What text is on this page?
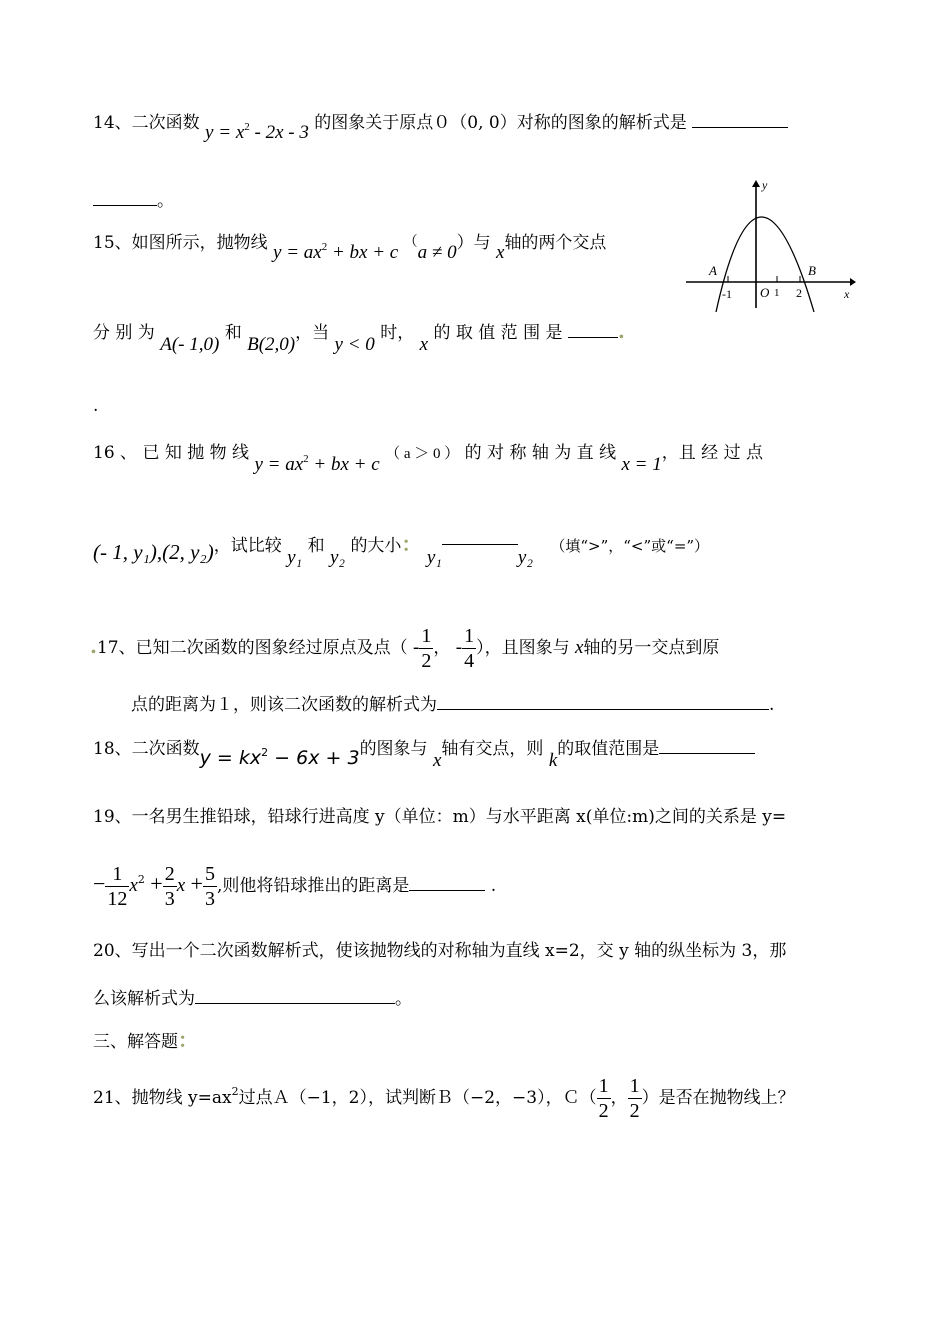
14、二次函数 $y = x^2 - 2x - 3$ 的图象关于原点０（0, 0）对称的图象的解析式是
。
15、如图所示，抛物线 $y = ax^2$ + bx + c （a ≠ 0）与 x轴的两个交点
分 别 为 A(- 1,0) 和 B(2,0)，当 y < 0 时， x 的 取 值 范 围 是	.
.
y
x
A	B
-1 O 1 2
16 、 已 知 抛 物 线 $y = ax^2$ + bx + c （ a ＞ 0 ） 的 对 称 轴 为 直 线 x = 1，且 经 过 点
(- 1, y₁),(2, y₂)，试比较 y₁ 和 y₂ 的大小： y₁	y₂ （填“>”，“<”或“=”）
.17、已知二次函数的图象经过原点及点（ - $\frac{1}{2}$ ， - $\frac{1}{4}$ ），且图象与 x轴的另一交点到原
点的距离为１，则该二次函数的解析式为	.
18、二次函数$y = kx^2 - 6x + 3$的图象与 x轴有交点，则 k的取值范围是
19、一名男生推铅球，铅球行进高度 y（单位：m）与水平距离 x(单位:m)之间的关系是 y=
− $\frac{1}{12} x^2 + \frac{2}{3}$ $x + \frac{5}{3}$ ,则他将铅球推出的距离是	.
20、写出一个二次函数解析式，使该抛物线的对称轴为直线 x=2，交 y 轴的纵坐标为 3，那
么该解析式为	。
三、解答题：
21、抛物线 $y=ax^2$过点Ａ（−1，2），试判断Ｂ（−2，−3），Ｃ（ $\frac{1}{2}$ ， $\frac{1}{2}$ ）是否在抛物线上？
